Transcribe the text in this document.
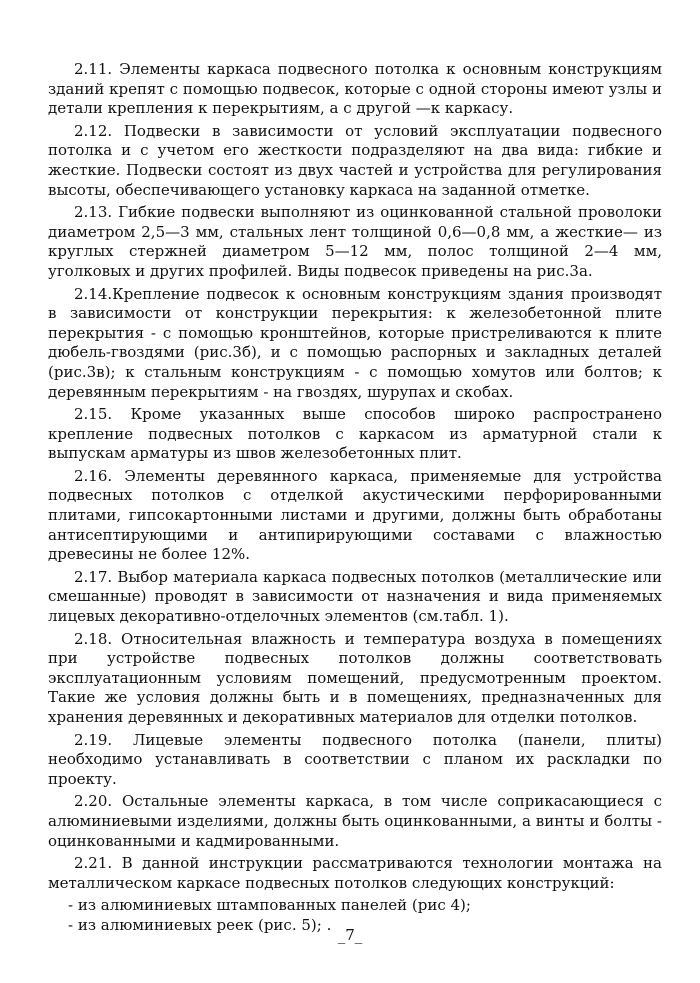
2.11. Элементы каркаса подвесного потолка к основным конструкциям зданий крепят с помощью подвесок, которые с одной стороны имеют узлы и детали крепления к перекрытиям, а с другой —к каркасу.

2.12. Подвески в зависимости от условий эксплуатации подвесного потолка и с учетом его жесткости подразделяют на два вида: гибкие и жесткие. Подвески состоят из двух частей и устройства для регулирования высоты, обеспечивающего установку каркаса на заданной отметке.

2.13. Гибкие подвески выполняют из оцинкованной стальной проволоки диаметром 2,5—3 мм, стальных лент толщиной 0,6—0,8 мм, а жесткие— из круглых стержней диаметром 5—12 мм, полос толщиной 2—4 мм, уголковых и других профилей. Виды подвесок приведены на рис.3а.

2.14.Крепление подвесок к основным конструкциям здания производят в зависимости от конструкции перекрытия: к железобетонной плите перекрытия - с помощью кронштейнов, которые пристреливаются к плите дюбель-гвоздями (рис.3б), и с помощью распорных и закладных деталей (рис.3в); к стальным конструкциям - с помощью хомутов или болтов; к деревянным перекрытиям - на гвоздях, шурупах и скобах.

2.15. Кроме указанных выше способов широко распространено крепление подвесных потолков с каркасом из арматурной стали к выпускам арматуры из швов железобетонных плит.

2.16. Элементы деревянного каркаса, применяемые для устройства подвесных потолков с отделкой акустическими перфорированными плитами, гипсокартонными листами и другими, должны быть обработаны антисептирующими и антипирирующими составами с влажностью древесины не более 12%.

2.17. Выбор материала каркаса подвесных потолков (металлические или смешанные) проводят в зависимости от назначения и вида применяемых лицевых декоративно-отделочных элементов (см.табл. 1).

2.18. Относительная влажность и температура воздуха в помещениях при устройстве подвесных потолков должны соответствовать эксплуатационным условиям помещений, предусмотренным проектом. Такие же условия должны быть и в помещениях, предназначенных для хранения деревянных и декоративных материалов для отделки потолков.

2.19. Лицевые элементы подвесного потолка (панели, плиты) необходимо устанавливать в соответствии с планом их раскладки по проекту.

2.20. Остальные элементы каркаса, в том числе соприкасающиеся с алюминиевыми изделиями, должны быть оцинкованными, а винты и болты - оцинкованными и кадмированными.

2.21. В данной инструкции рассматриваются технологии монтажа на металлическом каркасе подвесных потолков следующих конструкций:

- из алюминиевых штампованных панелей (рис 4);

- из алюминиевых реек (рис. 5); .

_7_
